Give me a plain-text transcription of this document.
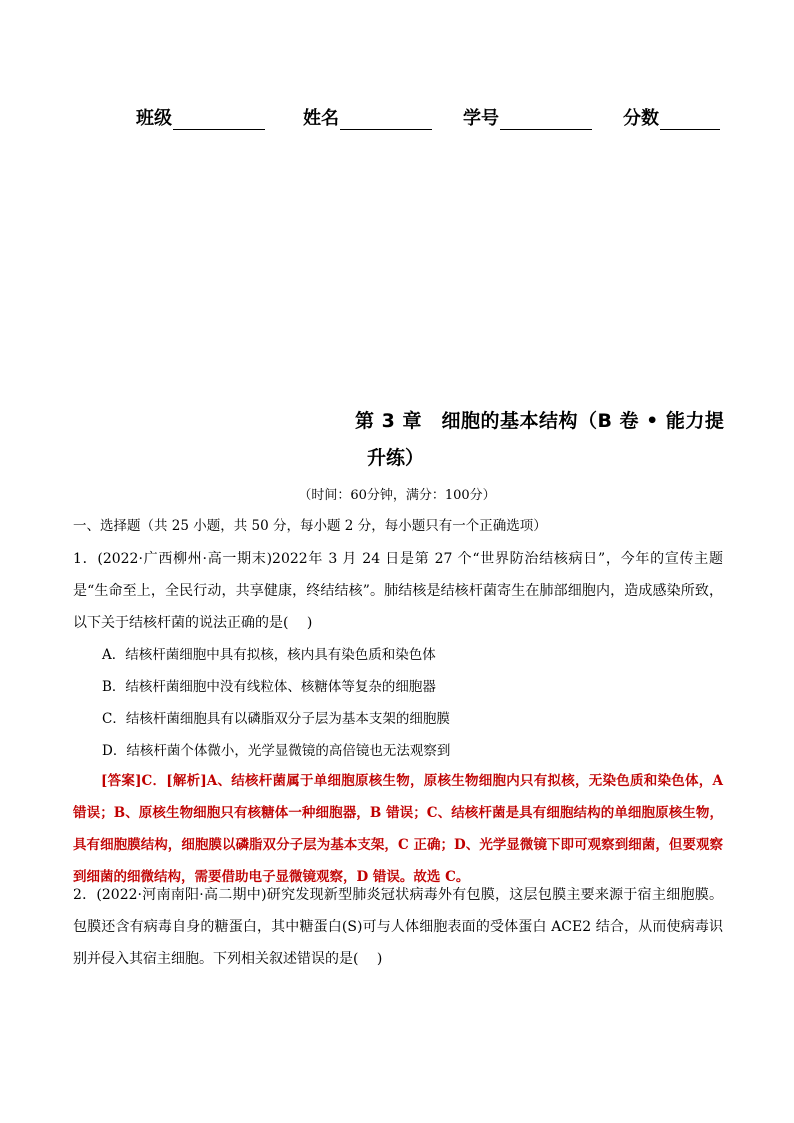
班级	姓名	学号	分数
第 3 章　细胞的基本结构（B 卷 • 能力提
升练）
（时间：60分钟，满分：100分）
一、选择题（共 25 小题，共 50 分，每小题 2 分，每小题只有一个正确选项）
1．(2022·广西柳州·高一期末)2022年 3 月 24 日是第 27 个“世界防治结核病日”，今年的宣传主题是“生命至上，全民行动，共享健康，终结结核”。肺结核是结核杆菌寄生在肺部细胞内，造成感染所致，以下关于结核杆菌的说法正确的是(　 )
A．结核杆菌细胞中具有拟核，核内具有染色质和染色体
B．结核杆菌细胞中没有线粒体、核糖体等复杂的细胞器
C．结核杆菌细胞具有以磷脂双分子层为基本支架的细胞膜
D．结核杆菌个体微小，光学显微镜的高倍镜也无法观察到
[答案]C．[解析]A、结核杆菌属于单细胞原核生物，原核生物细胞内只有拟核，无染色质和染色体，A 错误；B、原核生物细胞只有核糖体一种细胞器，B 错误；C、结核杆菌是具有细胞结构的单细胞原核生物，具有细胞膜结构，细胞膜以磷脂双分子层为基本支架，C 正确；D、光学显微镜下即可观察到细菌，但要观察到细菌的细微结构，需要借助电子显微镜观察，D 错误。故选 C。
2．(2022·河南南阳·高二期中)研究发现新型肺炎冠状病毒外有包膜，这层包膜主要来源于宿主细胞膜。包膜还含有病毒自身的糖蛋白，其中糖蛋白(S)可与人体细胞表面的受体蛋白 ACE2 结合，从而使病毒识别并侵入其宿主细胞。下列相关叙述错误的是(　 )
